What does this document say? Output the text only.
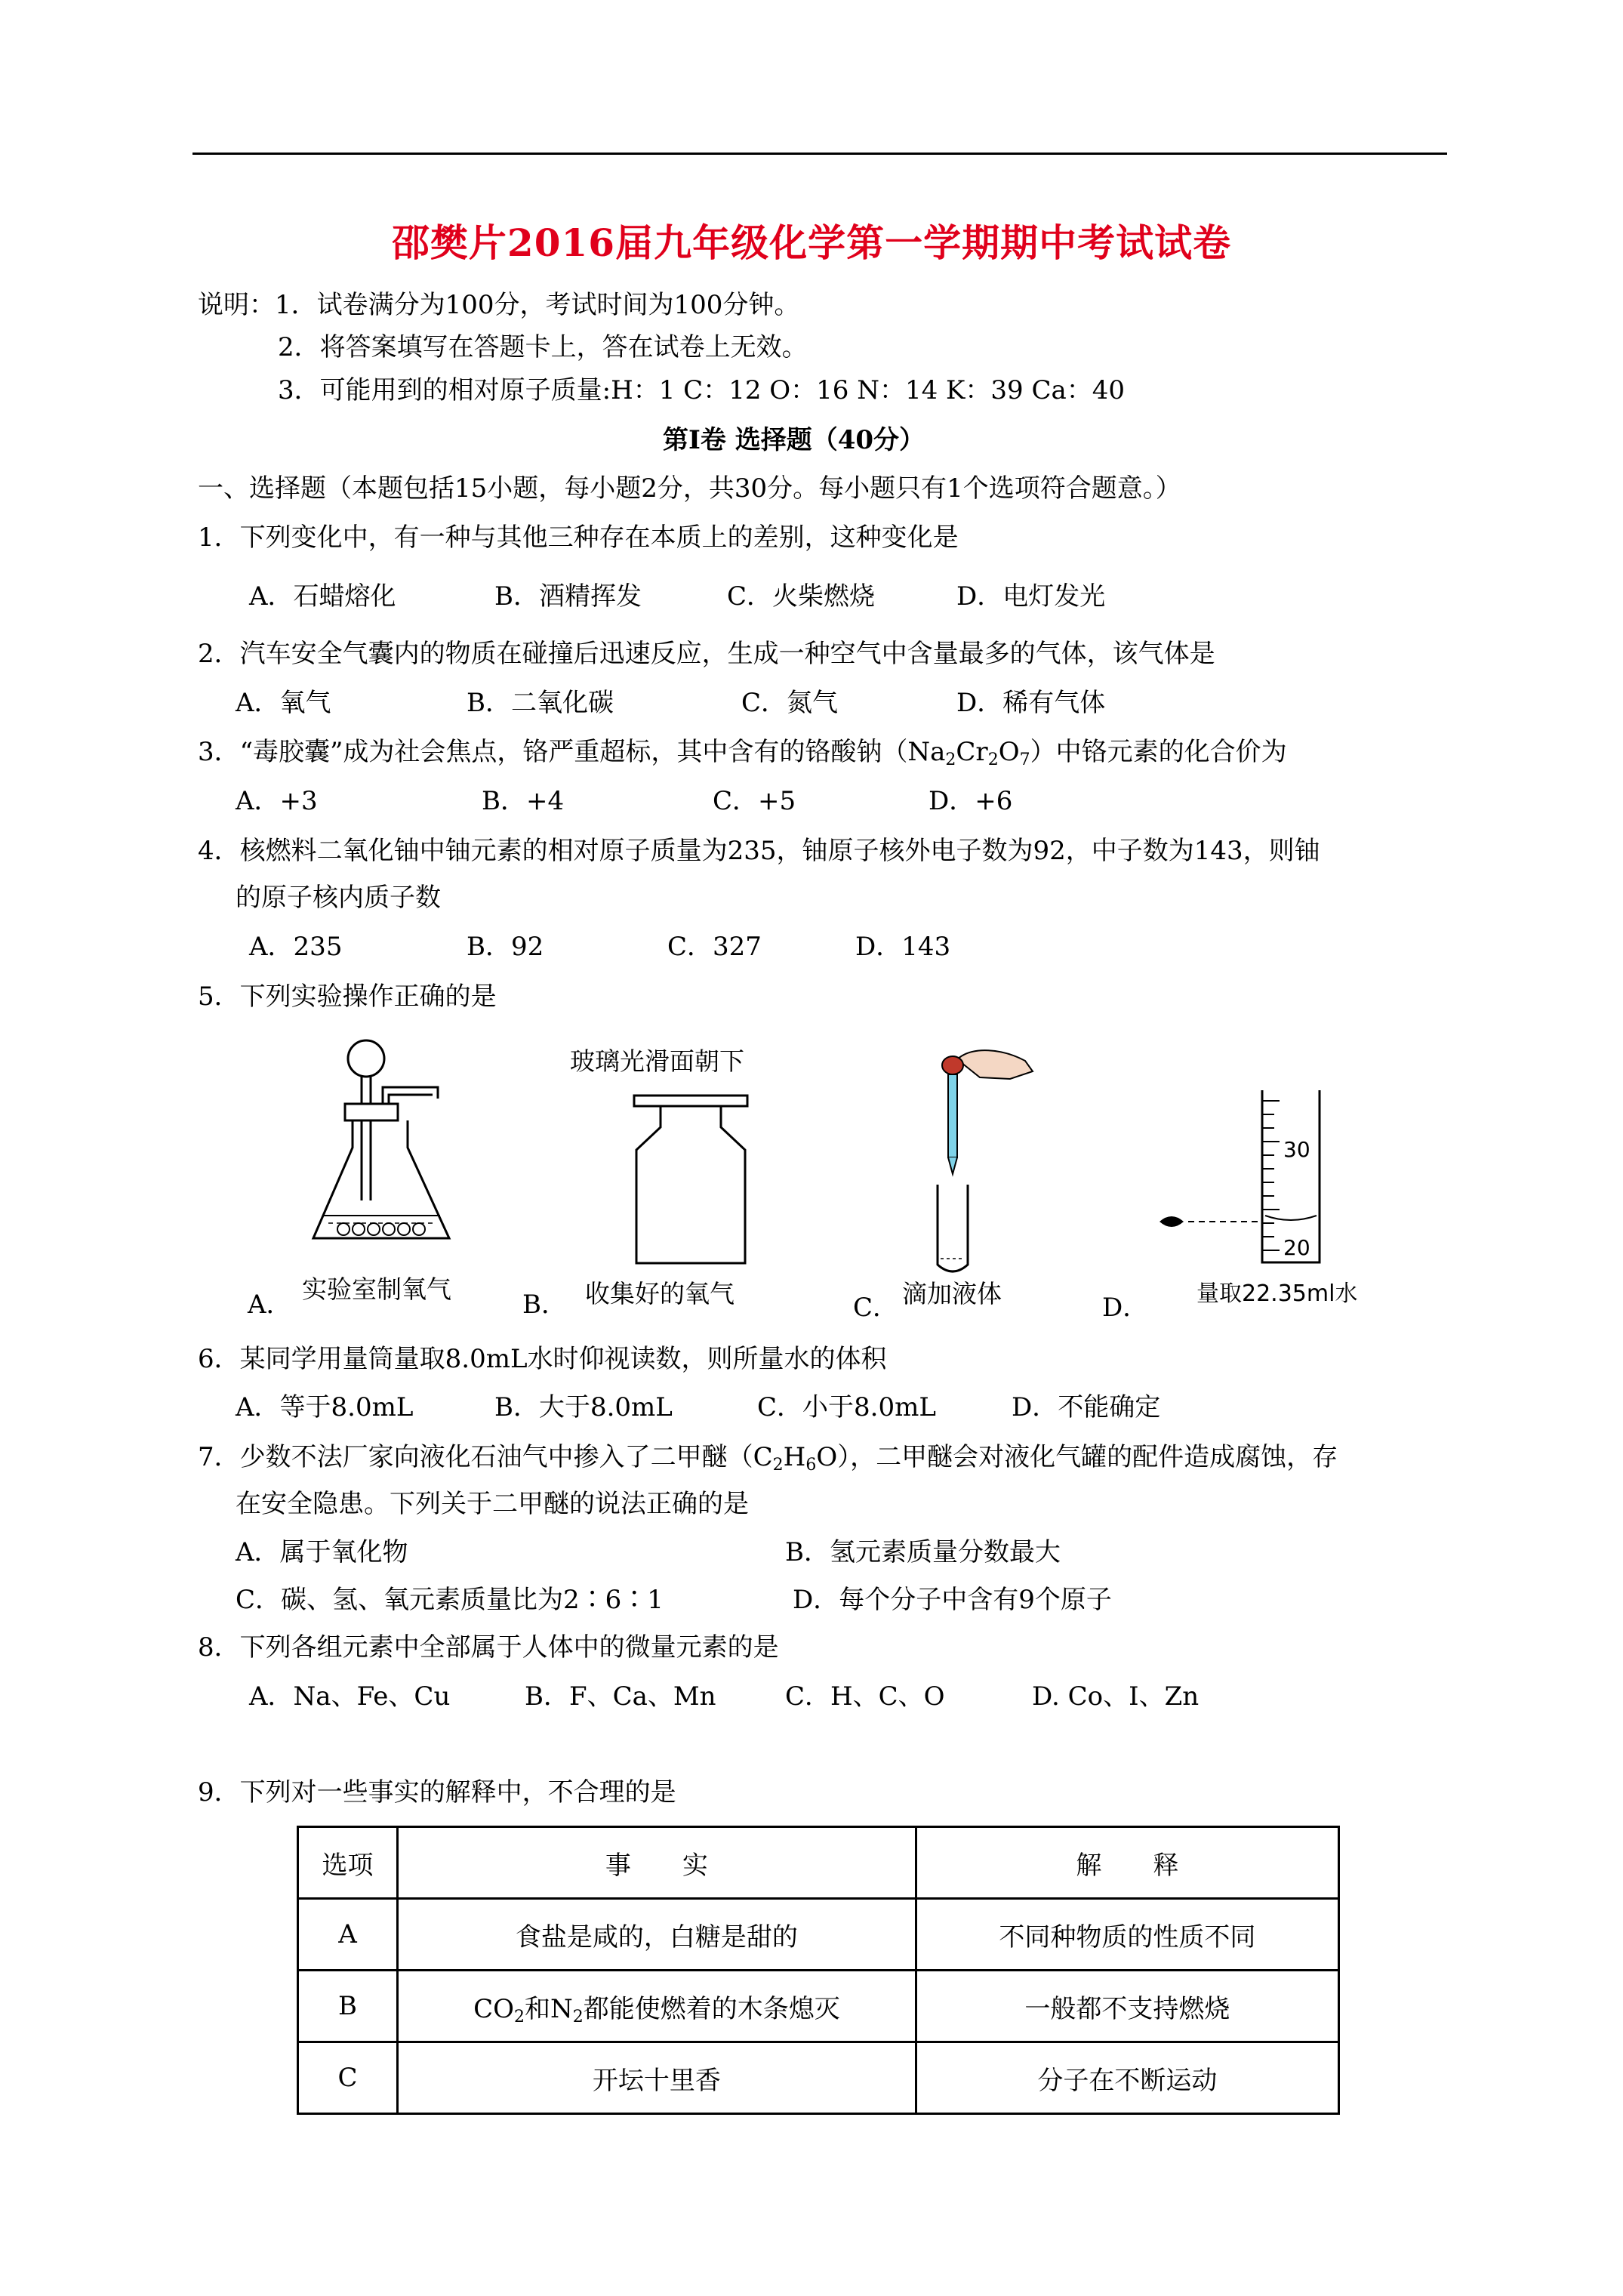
邵樊片2016届九年级化学第一学期期中考试试卷
说明：1．试卷满分为100分，考试时间为100分钟。
2．将答案填写在答题卡上，答在试卷上无效。
3．可能用到的相对原子质量:H：1 C：12 O：16 N：14 K：39 Ca：40
第Ⅰ卷 选择题（40分）
一、选择题（本题包括15小题，每小题2分，共30分。每小题只有1个选项符合题意。）
1．下列变化中，有一种与其他三种存在本质上的差别，这种变化是
A．石蜡熔化	B．酒精挥发	C．火柴燃烧	D．电灯发光
2．汽车安全气囊内的物质在碰撞后迅速反应，生成一种空气中含量最多的气体，该气体是
A．氧气	B．二氧化碳	C．氮气	D．稀有气体
3．“毒胶囊”成为社会焦点，铬严重超标，其中含有的铬酸钠$(Na_2Cr_2O_7)$中铬元素的化合价为
A．+3	B．+4	C．+5	D．+6
4．核燃料二氧化铀中铀元素的相对原子质量为235，铀原子核外电子数为92，中子数为143，则铀
的原子核内质子数
A．235	B．92	C．327	D．143
5．下列实验操作正确的是
实验室制氧气
A．
玻璃光滑面朝下
收集好的氧气
B．	滴加液体
C．
30
20
量取22.35ml水
D．
6．某同学用量筒量取8.0mL水时仰视读数，则所量水的体积
A．等于8.0mL	B．大于8.0mL	C．小于8.0mL	D．不能确定
7．少数不法厂家向液化石油气中掺入了二甲醚$(C_2H_6O)$，二甲醚会对液化气罐的配件造成腐蚀，存
在安全隐患。下列关于二甲醚的说法正确的是
A．属于氧化物	B．氢元素质量分数最大
C．碳、氢、氧元素质量比为2∶6∶1	D．每个分子中含有9个原子
8．下列各组元素中全部属于人体中的微量元素的是
A．Na、Fe、Cu	B．F、Ca、Mn	C．H、C、O	D. Co、I、Zn
9．下列对一些事实的解释中，不合理的是
选项	事　　实	解　　释
A	食盐是咸的，白糖是甜的	不同种物质的性质不同
B	$CO_2$和$N_2$都能使燃着的木条熄灭	一般都不支持燃烧
C	开坛十里香	分子在不断运动
